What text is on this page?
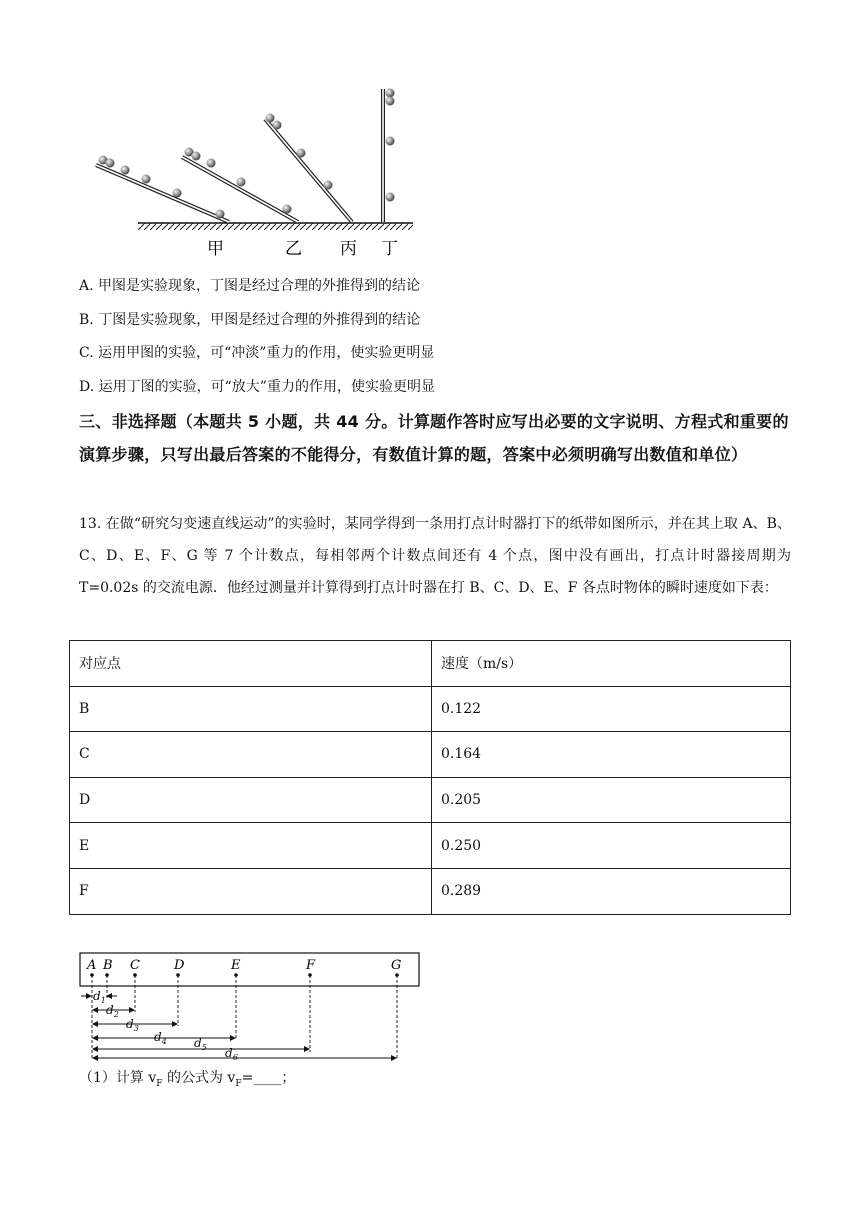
甲	乙 丙 丁
A. 甲图是实验现象，丁图是经过合理的外推得到的结论
B. 丁图是实验现象，甲图是经过合理的外推得到的结论
C. 运用甲图的实验，可“冲淡”重力的作用，使实验更明显
D. 运用丁图的实验，可“放大”重力的作用，使实验更明显
三、非选择题（本题共 5 小题，共 44 分。计算题作答时应写出必要的文字说明、方程式和重要的演算步骤，只写出最后答案的不能得分，有数值计算的题，答案中必须明确写出数值和单位）
13. 在做“研究匀变速直线运动”的实验时，某同学得到一条用打点计时器打下的纸带如图所示，并在其上取 A、B、C、D、E、F、G 等 7 个计数点，每相邻两个计数点间还有 4 个点，图中没有画出，打点计时器接周期为 T=0.02s 的交流电源．他经过测量并计算得到打点计时器在打 B、C、D、E、F 各点时物体的瞬时速度如下表：
对应点	速度（m/s）
B	0.122
C	0.164
D	0.205
E	0.250
F	0.289
A B C	D	E	F	G
$d_1$
$d_2$
$d_3$
$d_4$ $d_5$ $d_6$
（1）计算 $v_F$ 的公式为 $v_F=\_\_\_\_$；
